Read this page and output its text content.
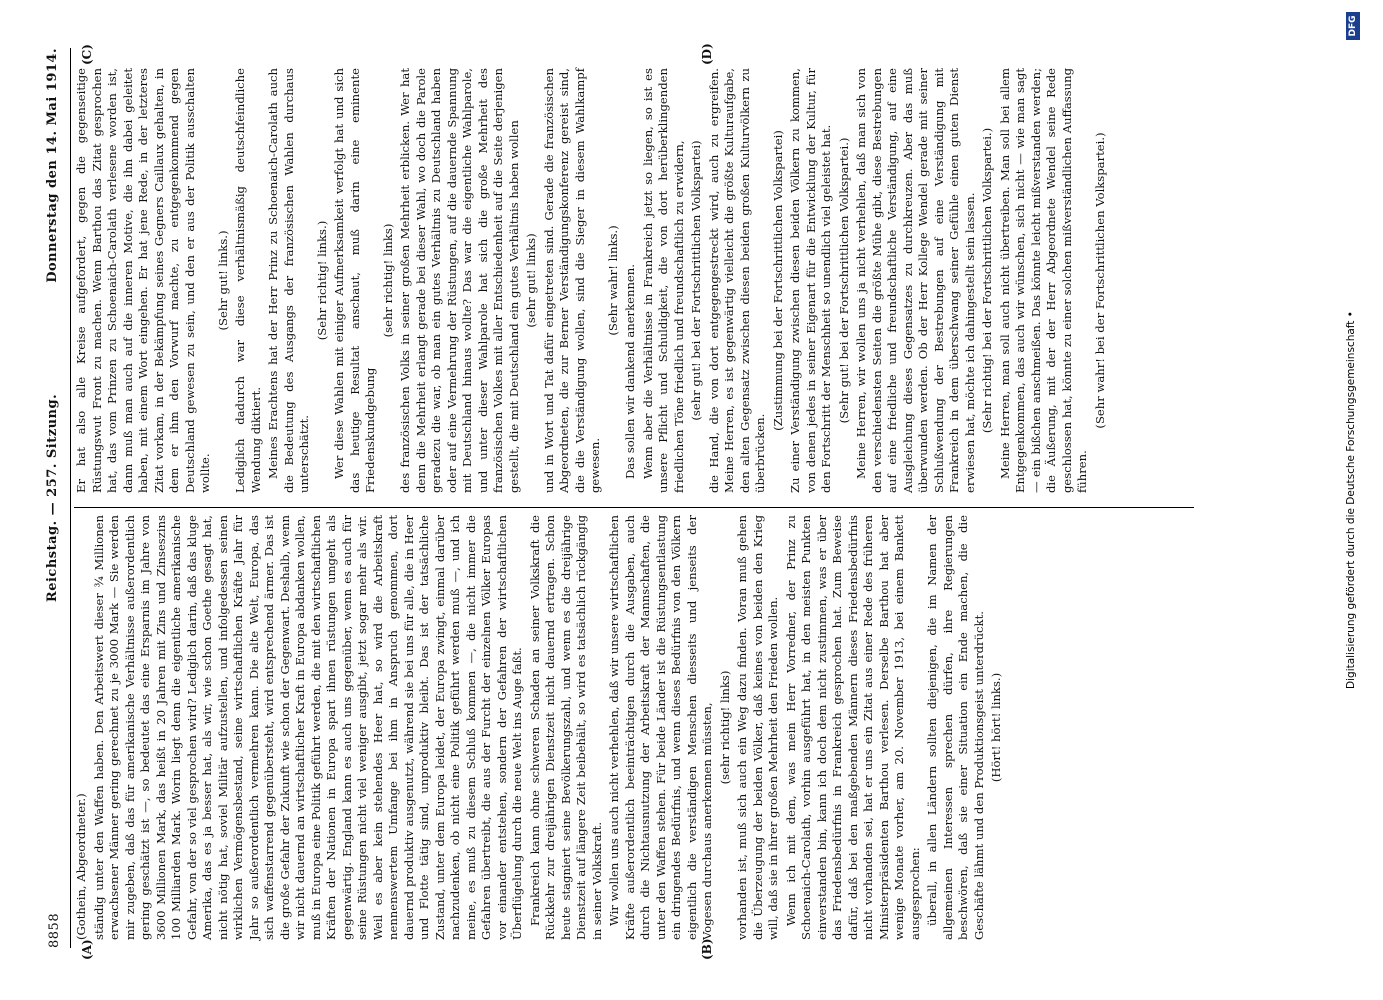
8858
Reichstag. — 257. Sitzung.
Donnerstag den 14. Mai 1914.
(A)	(B)
(C)	(D)

(Gothein, Abgeordneter.) ständig unter den Waffen haben. Den Arbeitswert dieser ¾ Millionen erwachsener Männer gering gerechnet zu je 3000 Mark — Sie werden mir zugeben, daß das für amerikanische Verhältnisse außerordentlich gering geschätzt ist —, so bedeutet das eine Ersparnis im Jahre von 3600 Millionen Mark, das heißt in 20 Jahren mit Zins und Zinseszins 100 Milliarden Mark. Worin liegt denn die eigentliche amerikanische Gefahr, von der so viel gesprochen wird? Lediglich darin, daß das kluge Amerika, das es ja besser hat, als wir, wie schon Goethe gesagt hat, nicht nötig hat, soviel Militär aufzustellen, und infolgedessen seinen wirklichen Vermögensbestand, seine wirtschaftlichen Kräfte Jahr für Jahr so außerordentlich vermehren kann. Die alte Welt, Europa, das sich waffenstarrend gegenübersteht, wird entsprechend ärmer. Das ist die große Gefahr der Zukunft wie schon der Gegenwart. Deshalb, wenn wir nicht dauernd an wirtschaftlicher Kraft in Europa abdanken wollen, muß in Europa eine Politik geführt werden, die mit den wirtschaftlichen Kräften der Nationen in Europa spart ihnen rüstungen umgeht als gegenwärtig. England kann es auch uns gegenüber, wenn es auch für seine Rüstungen nicht viel weniger ausgibt, jetzt sogar mehr als wir. Weil es aber kein stehendes Heer hat, so wird die Arbeitskraft nennenswertem Umfange bei ihm in Anspruch genommen, dort dauernd produktiv ausgenutzt, während sie bei uns für alle, die in Heer und Flotte tätig sind, unproduktiv bleibt. Das ist der tatsächliche Zustand, unter dem Europa leidet, der Europa zwingt, einmal darüber nachzudenken, ob nicht eine Politik geführt werden muß —, und ich meine, es muß zu diesem Schluß kommen —, die nicht immer die Gefahren übertreibt, die aus der Furcht der einzelnen Völker Europas vor einander entstehen, sondern der Gefahren der wirtschaftlichen Überflügelung durch die neue Welt ins Auge faßt. Frankreich kann ohne schweren Schaden an seiner Volkskraft die Rückkehr zur dreijährigen Dienstzeit nicht dauernd ertragen. Schon heute stagniert seine Bevölkerungszahl, und wenn es die dreijährige Dienstzeit auf längere Zeit beibehält, so wird es tatsächlich rückgängig in seiner Volkskraft. Wir wollen uns auch nicht verhehlen, daß wir unsere wirtschaftlichen Kräfte außerordentlich beeinträchtigen durch die Ausgaben, auch durch die Nichtausnutzung der Arbeitskraft der Mannschaften, die unter den Waffen stehen. Für beide Länder ist die Rüstungsentlastung ein dringendes Bedürfnis, und wenn dieses Bedürfnis von den Völkern eigentlich die verständigen Menschen diesseits und jenseits der Vogesen durchaus anerkennen müssten, (sehr richtig! links) vorhanden ist, muß sich auch ein Weg dazu finden. Voran muß gehen die Überzeugung der beiden Völker, daß keines von beiden den Krieg will, daß sie in ihrer großen Mehrheit den Frieden wollen. Wenn ich mit dem, was mein Herr Vorredner, der Prinz zu Schoenaich-Carolath, vorhin ausgeführt hat, in den meisten Punkten einverstanden bin, kann ich doch dem nicht zustimmen, was er über das Friedensbedürfnis in Frankreich gesprochen hat. Zum Beweise dafür, daß bei den maßgebenden Männern dieses Friedensbedürfnis nicht vorhanden sei, hat er uns ein Zitat aus einer Rede des früheren Ministerpräsidenten Barthou verlesen. Derselbe Barthou hat aber wenige Monate vorher, am 20. November 1913, bei einem Bankett ausgesprochen: überall, in allen Ländern sollten diejenigen, die im Namen der allgemeinen Interessen sprechen dürfen, ihre Regierungen beschwören, daß sie einer Situation ein Ende machen, die die Geschäfte lähmt und den Produktionsgeist unterdrückt. (Hört! hört! links.)

Er hat also alle Kreise aufgefordert, gegen die gegenseitige Rüstungswut Front zu machen. Wenn Barthou das Zitat gesprochen hat, das vom Prinzen zu Schoenaich-Carolath verlesene worden ist, dann muß man auch auf die inneren Motive, die ihn dabei geleitet haben, mit einem Wort eingehen. Er hat jene Rede, in der letzteres Zitat vorkam, in der Bekämpfung seines Gegners Caillaux gehalten, in dem er ihm den Vorwurf machte, zu entgegenkommend gegen Deutschland gewesen zu sein, und den er aus der Politik ausschalten wollte.

(Sehr gut! links.) Lediglich dadurch war diese verhältnismäßig deutschfeindliche Wendung diktiert. Meines Erachtens hat der Herr Prinz zu Schoenaich-Carolath auch die Bedeutung des Ausgangs der französischen Wahlen durchaus unterschätzt.

(Sehr richtig! links.) Wer diese Wahlen mit einiger Aufmerksamkeit verfolgt hat und sich das heutige Resultat anschaut, muß darin eine eminente Friedenskundgebung

(sehr richtig! links) des französischen Volks in seiner großen Mehrheit erblicken. Wer hat denn die Mehrheit erlangt gerade bei dieser Wahl, wo doch die Parole geradezu die war, ob man ein gutes Verhältnis zu Deutschland haben oder auf eine Vermehrung der Rüstungen, auf die dauernde Spannung mit Deutschland hinaus wollte? Das war die eigentliche Wahlparole, und unter dieser Wahlparole hat sich die große Mehrheit des französischen Volkes mit aller Entschiedenheit auf die Seite derjenigen gestellt, die mit Deutschland ein gutes Verhältnis haben wollen (sehr gut! links) und in Wort und Tat dafür eingetreten sind. Gerade die französischen Abgeordneten, die zur Berner Verständigungskonferenz gereist sind, die die Verständigung wollen, sind die Sieger in diesem Wahlkampf gewesen.

(Sehr wahr! links.) Das sollen wir dankend anerkennen. Wenn aber die Verhältnisse in Frankreich jetzt so liegen, so ist es unsere Pflicht und Schuldigkeit, die von dort herüberklingenden friedlichen Töne friedlich und freundschaftlich zu erwidern, (sehr gut! bei der Fortschrittlichen Volkspartei) die Hand, die von dort entgegengestreckt wird, auch zu ergreifen. Meine Herren, es ist gegenwärtig vielleicht die größte Kulturaufgabe, den alten Gegensatz zwischen diesen beiden großen Kulturvölkern zu überbrücken.

(Zustimmung bei der Fortschrittlichen Volkspartei) Zu einer Verständigung zwischen diesen beiden Völkern zu kommen, von denen jedes in seiner Eigenart für die Entwicklung der Kultur, für den Fortschritt der Menschheit so unendlich viel geleistet hat. (Sehr gut! bei der Fortschrittlichen Volkspartei.) Meine Herren, wir wollen uns ja nicht verhehlen, daß man sich von den verschiedensten Seiten die größte Mühe gibt, diese Bestrebungen auf eine friedliche und freundschaftliche Verständigung, auf eine Ausgleichung dieses Gegensatzes zu durchkreuzen. Aber das muß überwunden werden. Ob der Herr Kollege Wendel gerade mit seiner Schlußwendung der Bestrebungen auf eine Verständigung mit Frankreich in dem überschwang seiner Gefühle einen guten Dienst erwiesen hat, möchte ich dahingestellt sein lassen. (Sehr richtig! bei der Fortschrittlichen Volkspartei.) Meine Herren, man soll auch nicht übertreiben. Man soll bei allem Entgegenkommen, das auch wir wünschen, sich nicht — wie man sagt — ein bißchen anschmeißen. Das könnte leicht mißverstanden werden; die Äußerung, mit der der Herr Abgeordnete Wendel seine Rede geschlossen hat, könnte zu einer solchen mißverständlichen Auffassung führen.

(Sehr wahr! bei der Fortschrittlichen Volkspartei.)

Digitalisierung gefördert durch die Deutsche Forschungsgemeinschaft •
DFG
